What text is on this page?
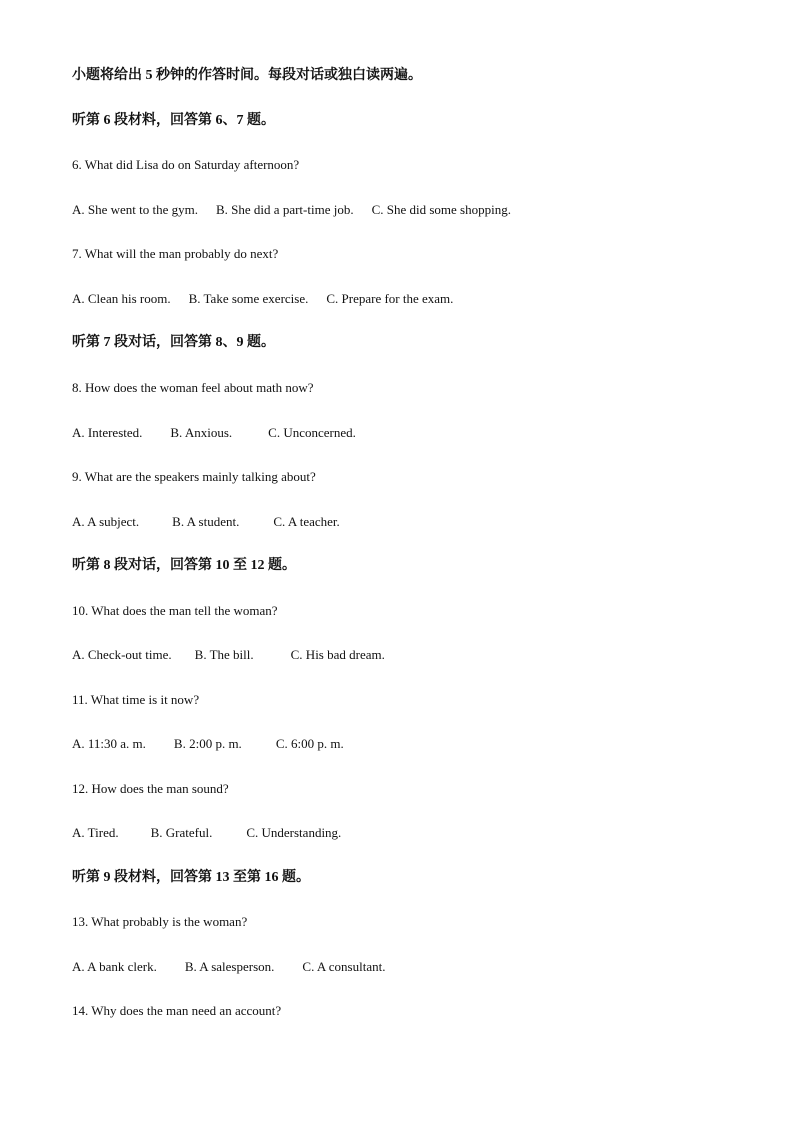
小题将给出 5 秒钟的作答时间。每段对话或独白读两遍。
听第 6 段材料，回答第 6、7 题。
6. What did Lisa do on Saturday afternoon?
A. She went to the gym. B. She did a part-time job. C. She did some shopping.
7. What will the man probably do next?
A. Clean his room. B. Take some exercise. C. Prepare for the exam.
听第 7 段对话，回答第 8、9 题。
8. How does the woman feel about math now?
A. Interested. B. Anxious.	C. Unconcerned.
9. What are the speakers mainly talking about?
A. A subject.	B. A student.	C. A teacher.
听第 8 段对话，回答第 10 至 12 题。
10. What does the man tell the woman?
A. Check-out time. B. The bill.	C. His bad dream.
11. What time is it now?
A. 11:30 a. m. B. 2:00 p. m.	C. 6:00 p. m.
12. How does the man sound?
A. Tired. B. Grateful.	C. Understanding.
听第 9 段材料，回答第 13 至第 16 题。
13. What probably is the woman?
A. A bank clerk. B. A salesperson. C. A consultant.
14. Why does the man need an account?
